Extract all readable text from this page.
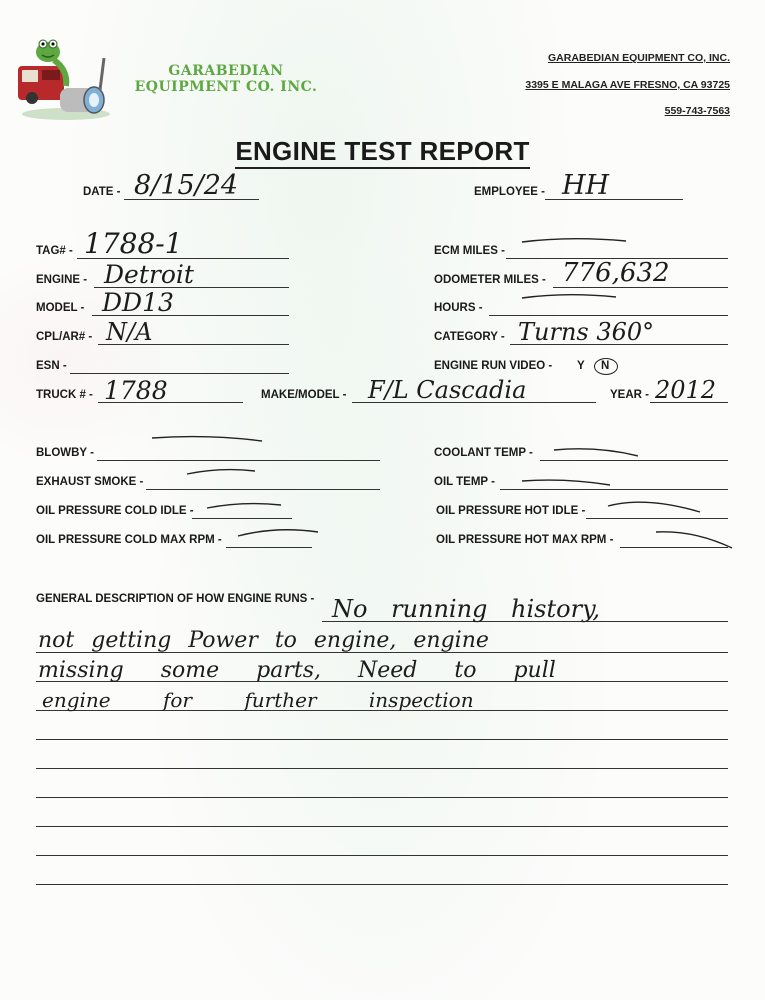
GARABEDIAN
EQUIPMENT CO. INC.
GARABEDIAN EQUIPMENT CO, INC.
3395 E MALAGA AVE FRESNO, CA 93725
559-743-7563
ENGINE TEST REPORT
DATE - 8/15/24	EMPLOYEE - HH
TAG# - 1788-1	ECM MILES -
ENGINE - Detroit	ODOMETER MILES - 776,632
MODEL - DD13	HOURS -
CPL/AR# - N/A	CATEGORY - Turns 360°
ESN -	ENGINE RUN VIDEO - Y N
TRUCK # - 1788	MAKE/MODEL - F/L Cascadia	YEAR - 2012
BLOWBY -	COOLANT TEMP -
EXHAUST SMOKE -	OIL TEMP -
OIL PRESSURE COLD IDLE -	OIL PRESSURE HOT IDLE -
OIL PRESSURE COLD MAX RPM -	OIL PRESSURE HOT MAX RPM -
GENERAL DESCRIPTION OF HOW ENGINE RUNS - No running history,
not getting Power to engine, engine
missing some parts, Need to pull
engine for further inspection
